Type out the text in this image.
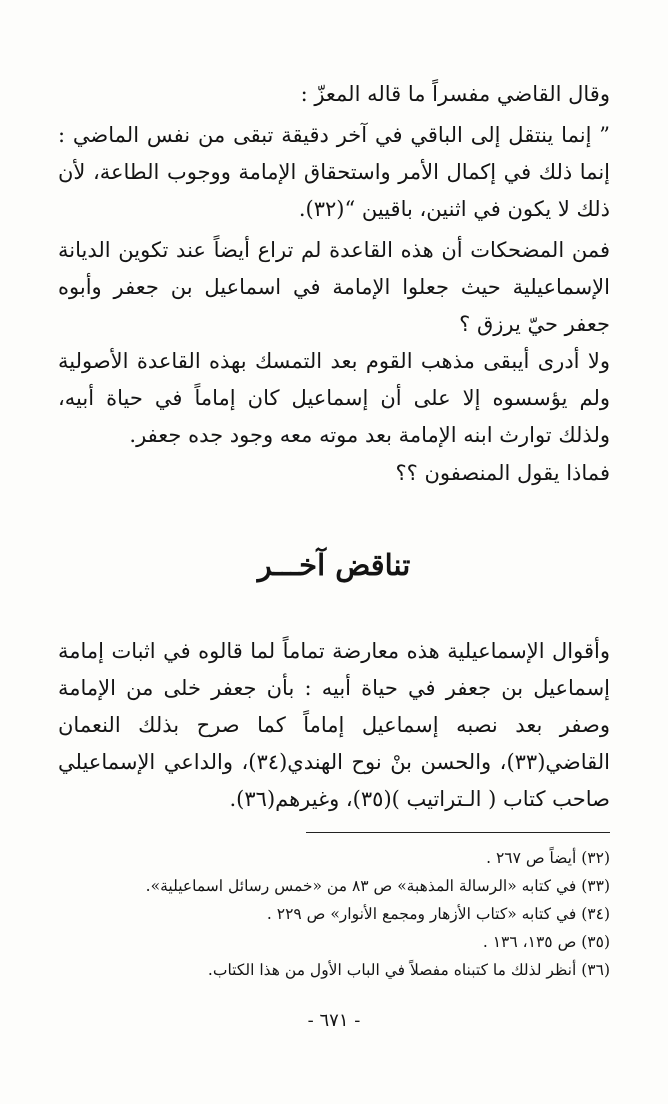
وقال القاضي مفسراً ما قاله المعزّ :

” إنما ينتقل إلى الباقي في آخر دقيقة تبقى من نفس الماضي : إنما ذلك في إكمال الأمر واستحقاق الإمامة ووجوب الطاعة، لأن ذلك لا يكون في اثنين، باقيين “(٣٢).

فمن المضحكات أن هذه القاعدة لم تراع أيضاً عند تكوين الديانة الإسماعيلية حيث جعلوا الإمامة في اسماعيل بن جعفر وأبوه جعفر حيّ يرزق ؟

ولا أدرى أيبقى مذهب القوم بعد التمسك بهذه القاعدة الأصولية ولم يؤسسوه إلا على أن إسماعيل كان إماماً في حياة أبيه، ولذلك توارث ابنه الإمامة بعد موته معه وجود جده جعفر.

فماذا يقول المنصفون ؟؟

تناقض آخـــر

وأقوال الإسماعيلية هذه معارضة تماماً لما قالوه في اثبات إمامة إسماعيل بن جعفر في حياة أبيه : بأن جعفر خلى من الإمامة وصفر بعد نصبه إسماعيل إماماً كما صرح بذلك النعمان القاضي(٣٣)، والحسن بنْ نوح الهندي(٣٤)، والداعي الإسماعيلي صاحب كتاب ( الـتراتيب )(٣٥)، وغيرهم(٣٦).

(٣٢) أيضاً ص ٢٦٧ .
(٣٣) في كتابه «الرسالة المذهبة» ص ٨٣ من «خمس رسائل اسماعيلية».
(٣٤) في كتابه «كتاب الأزهار ومجمع الأنوار» ص ٢٢٩ .
(٣٥) ص ١٣٥، ١٣٦ .
(٣٦) أنظر لذلك ما كتبناه مفصلاً في الباب الأول من هذا الكتاب.

- ٦٧١ -
